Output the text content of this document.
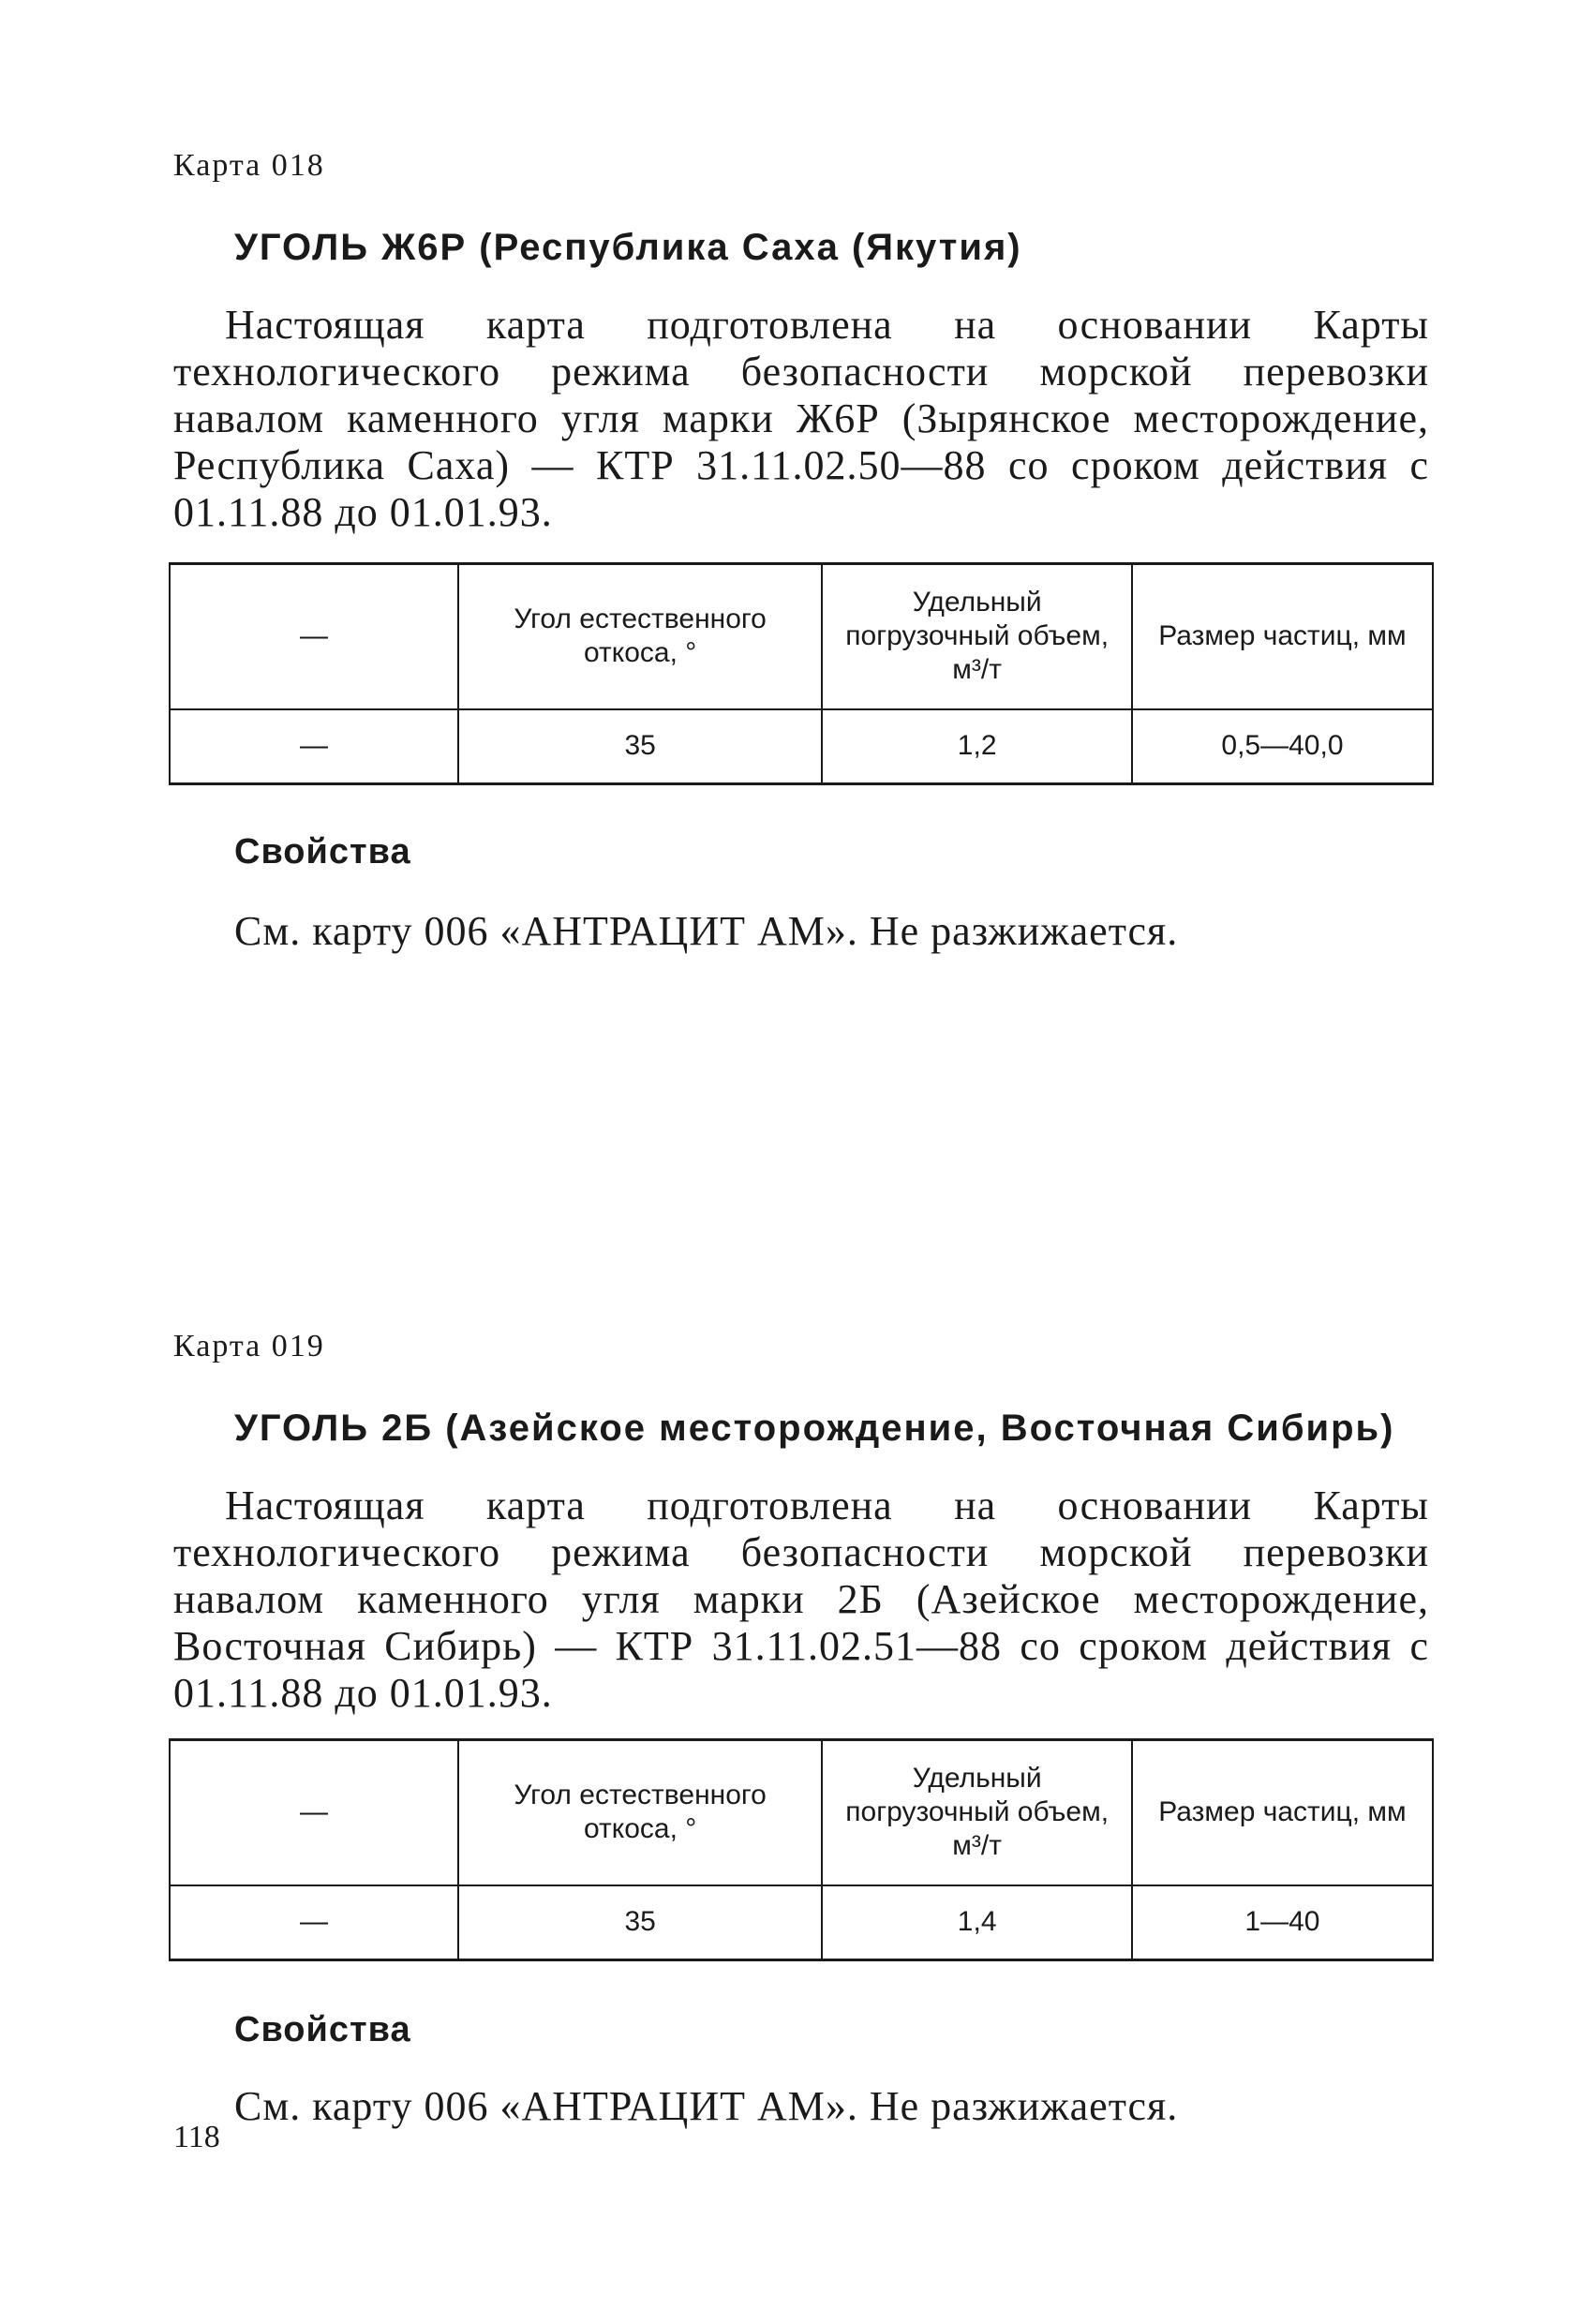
Карта 018
УГОЛЬ Ж6Р (Республика Саха (Якутия)
Настоящая карта подготовлена на основании Карты технологического режима безопасности морской перевозки навалом каменного угля марки Ж6Р (Зырянское месторождение, Республика Саха) — КТР 31.11.02.50—88 со сроком действия с 01.11.88 до 01.01.93.
—	Угол естественного откоса, °	Удельный погрузочный объем, м³/т	Размер частиц, мм
—	35	1,2	0,5—40,0
Свойства
См. карту 006 «АНТРАЦИТ АМ». Не разжижается.
Карта 019
УГОЛЬ 2Б (Азейское месторождение, Восточная Сибирь)
Настоящая карта подготовлена на основании Карты технологического режима безопасности морской перевозки навалом каменного угля марки 2Б (Азейское месторождение, Восточная Сибирь) — КТР 31.11.02.51—88 со сроком действия с 01.11.88 до 01.01.93.
—	Угол естественного откоса, °	Удельный погрузочный объем, м³/т	Размер частиц, мм
—	35	1,4	1—40
Свойства
См. карту 006 «АНТРАЦИТ АМ». Не разжижается.
118
